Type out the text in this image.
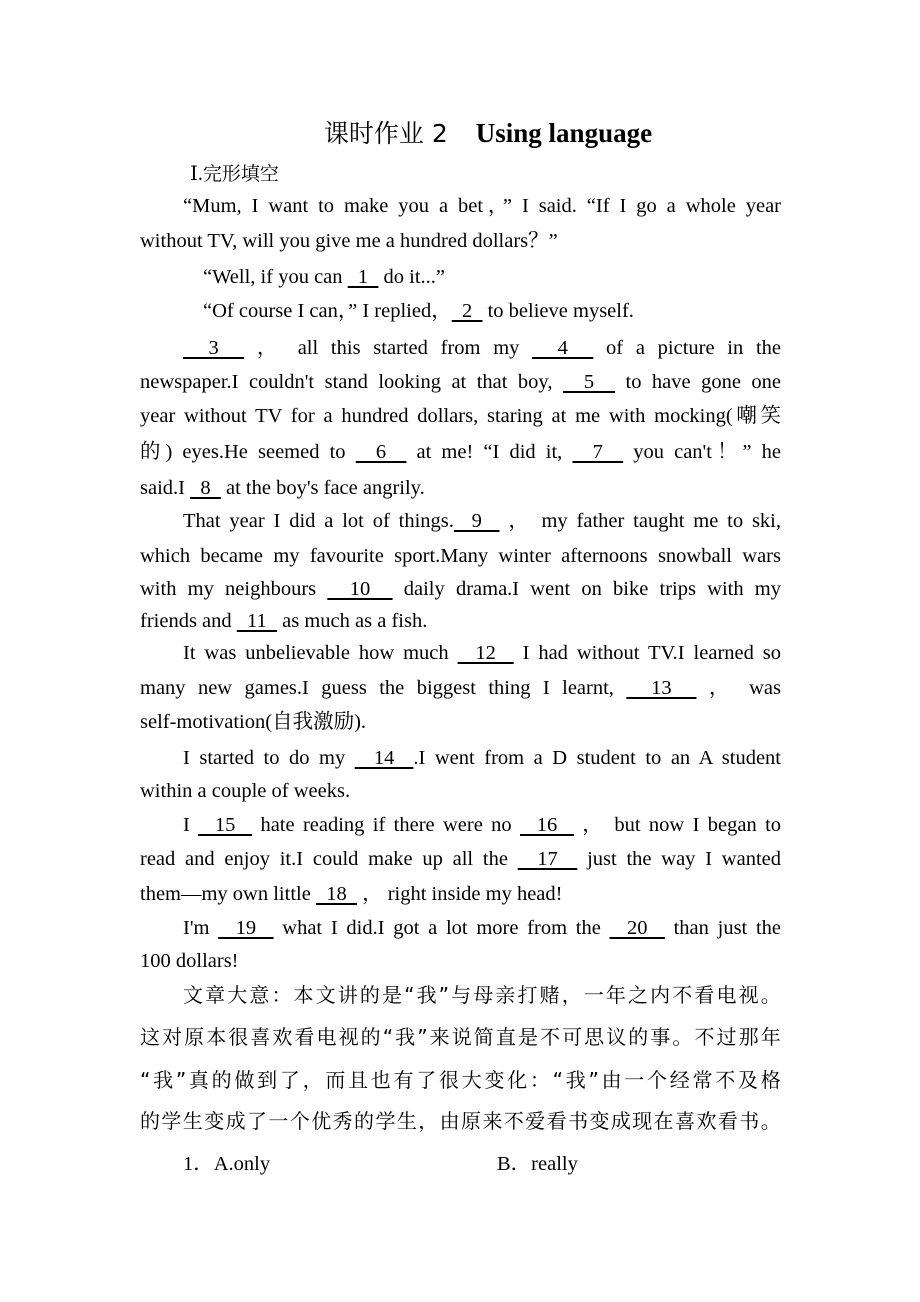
课时作业 2 Using language
Ⅰ.完形填空
“Mum, I want to make you a bet，” I said. “If I go a whole year
without TV, will you give me a hundred dollars？”
“Well, if you can   1   do it...”
“Of course I can，” I replied，  2   to believe myself.
3   ， all this started from my   4   of a picture in the
newspaper.I couldn't stand looking at that boy,   5   to have gone one
year without TV for a hundred dollars, staring at me with mocking(嘲笑
的) eyes.He seemed to   6   at me! “I did it,   7   you can't！” he
said.I   8   at the boy's face angrily.
That year I did a lot of things.  9   ， my father taught me to ski,
which became my favourite sport.Many winter afternoons snowball wars
with my neighbours   10   daily drama.I went on bike trips with my
friends and   11   as much as a fish.
It was unbelievable how much   12   I had without TV.I learned so
many new games.I guess the biggest thing I learnt,   13   ， was
self-motivation(自我激励).
I started to do my   14  .I went from a D student to an A student
within a couple of weeks.
I   15   hate reading if there were no   16   ， but now I began to
read and enjoy it.I could make up all the   17   just the way I wanted
them—my own little   18   ， right inside my head!
I'm   19   what I did.I got a lot more from the   20   than just the
100 dollars!
文章大意：本文讲的是“我”与母亲打赌，一年之内不看电视。
这对原本很喜欢看电视的“我”来说简直是不可思议的事。不过那年
“我”真的做到了，而且也有了很大变化：“我”由一个经常不及格
的学生变成了一个优秀的学生，由原来不爱看书变成现在喜欢看书。
1．A.only	B．really
